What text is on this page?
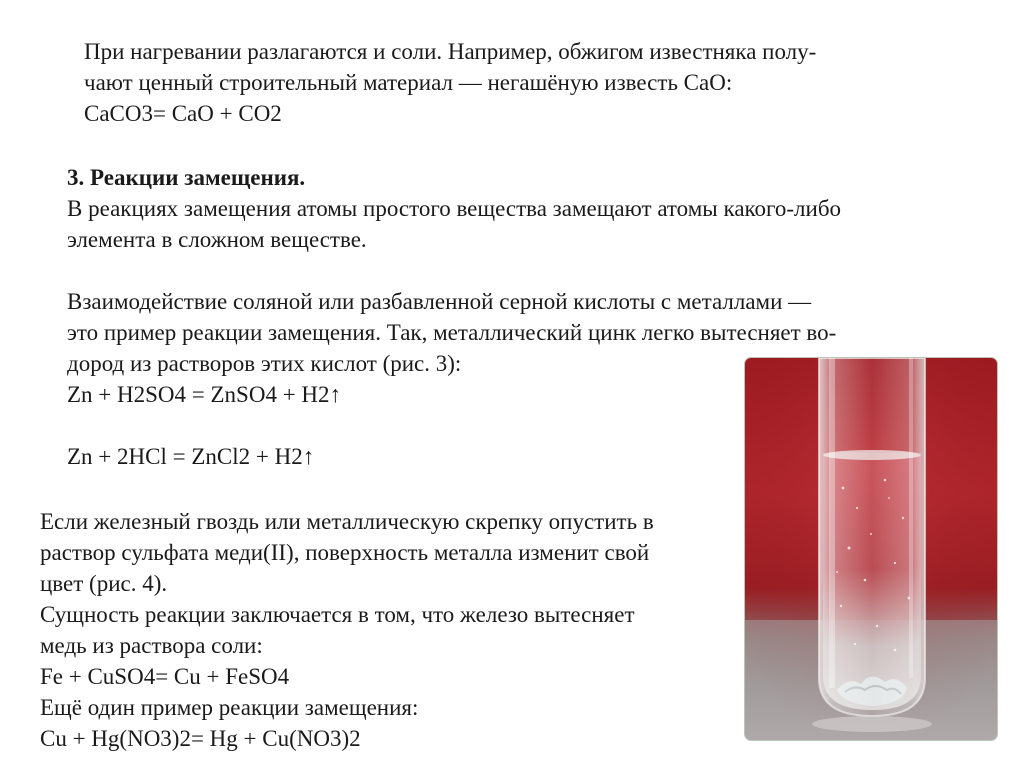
При нагревании разлагаются и соли. Например, обжигом известняка полу-
чают ценный строительный материал — негашёную известь CaO:
CaCO3= CaO + CO2
3. Реакции замещения.
В реакциях замещения атомы простого вещества замещают атомы какого-либо
элемента в сложном веществе.
Взаимодействие соляной или разбавленной серной кислоты с металлами —
это пример реакции замещения. Так, металлический цинк легко вытесняет во-
дород из растворов этих кислот (рис. 3):
Zn + H2SO4 = ZnSO4 + H2↑
Zn + 2HCl = ZnCl2 + H2↑
Если железный гвоздь или металлическую скрепку опустить в
раствор сульфата меди(II), поверхность металла изменит свой
цвет (рис. 4).
Сущность реакции заключается в том, что железо вытесняет
медь из раствора соли:
Fe + CuSO4= Cu + FeSO4
Ещё один пример реакции замещения:
Cu + Hg(NO3)2= Hg + Cu(NO3)2
